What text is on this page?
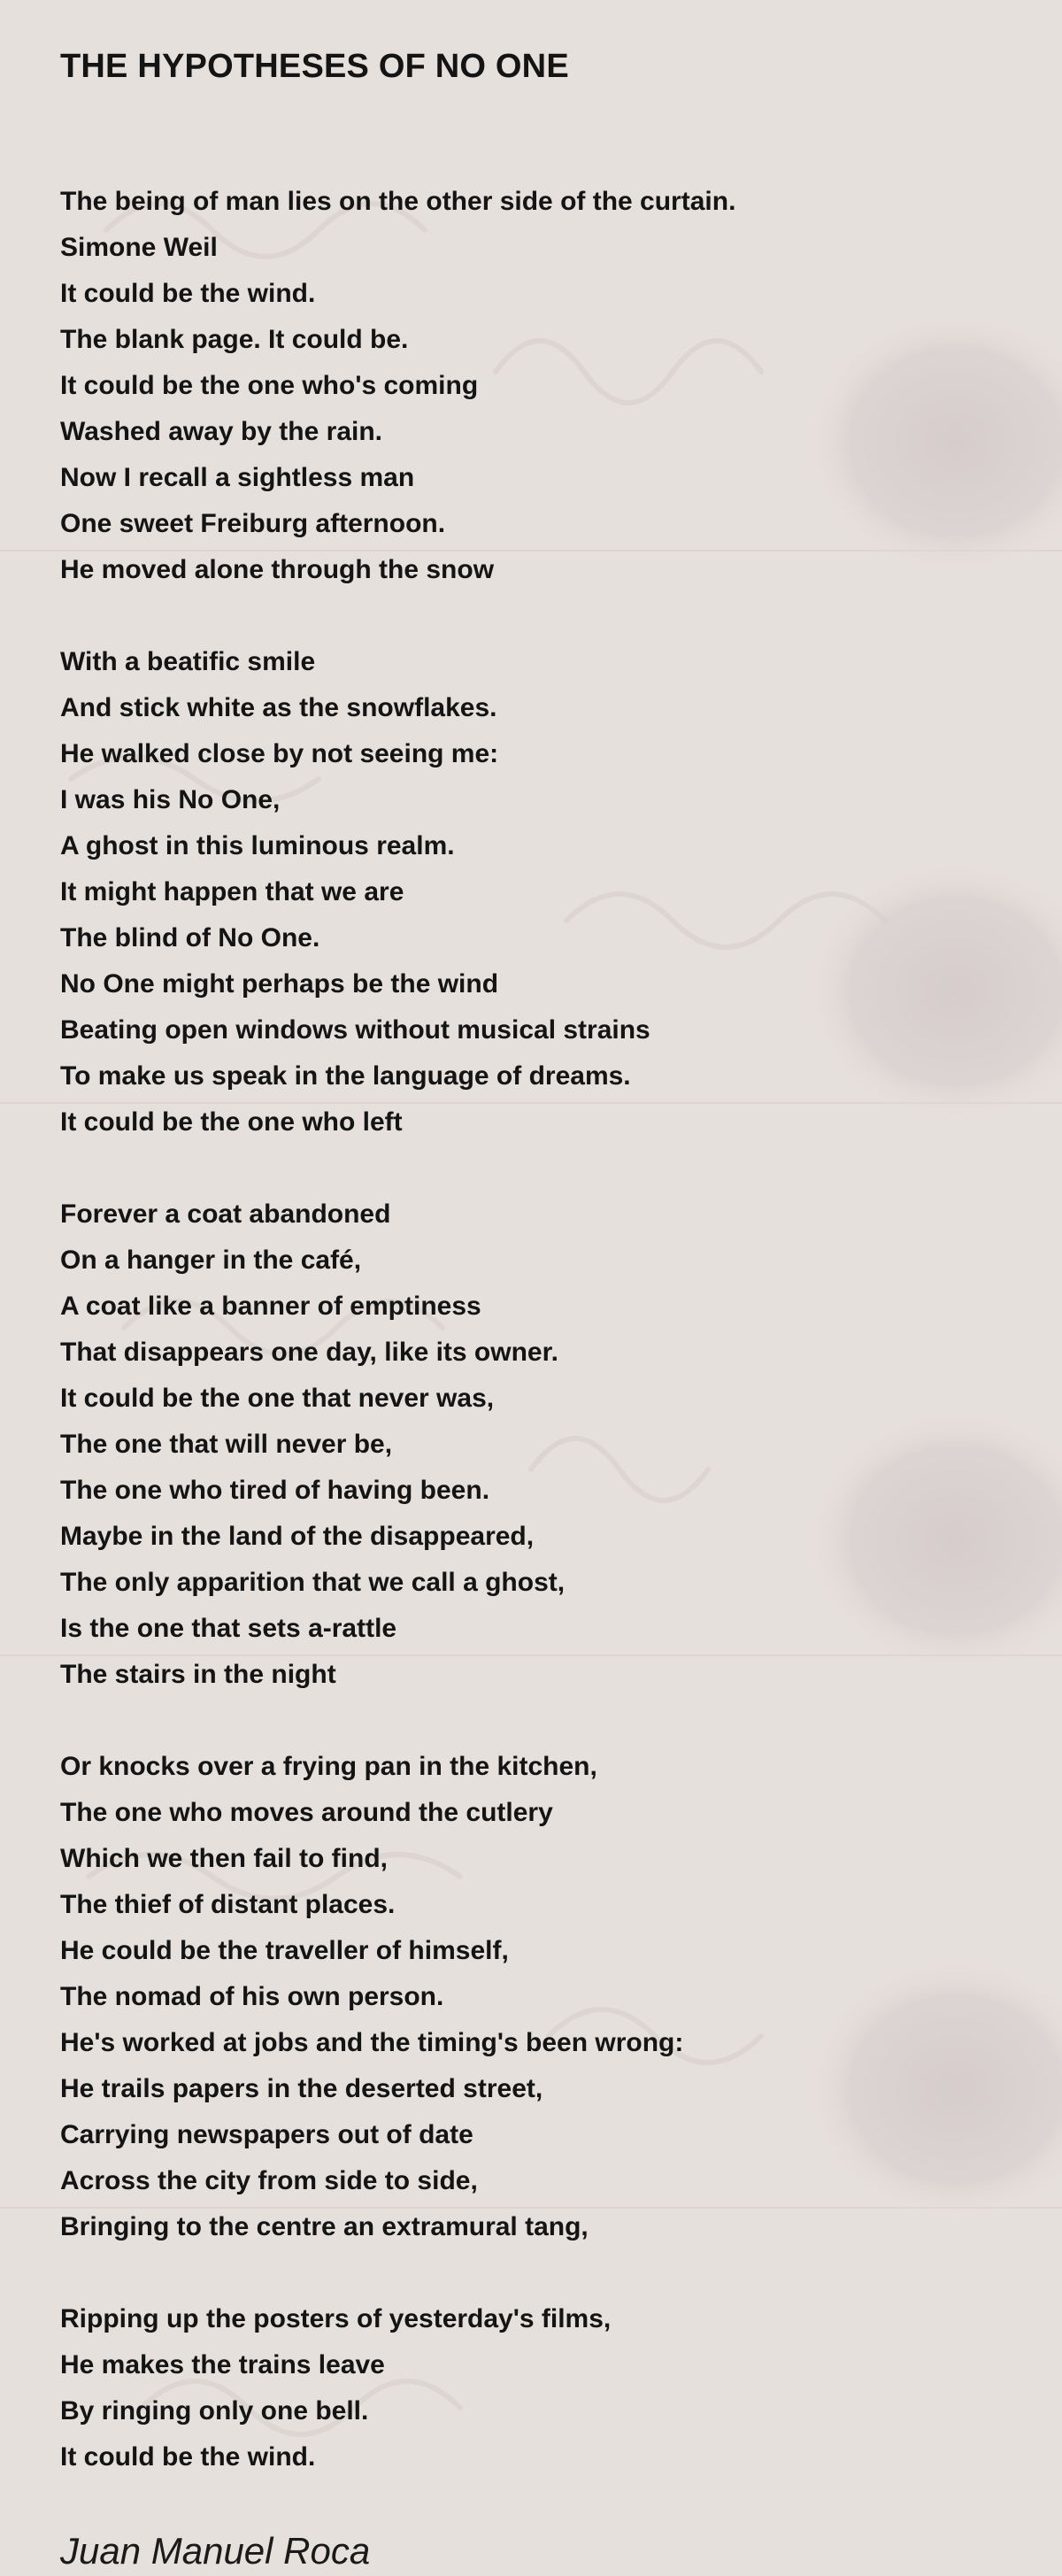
THE HYPOTHESES OF NO ONE
The being of man lies on the other side of the curtain.
Simone Weil
It could be the wind.
The blank page. It could be.
It could be the one who's coming
Washed away by the rain.
Now I recall a sightless man
One sweet Freiburg afternoon.
He moved alone through the snow
With a beatific smile
And stick white as the snowflakes.
He walked close by not seeing me:
I was his No One,
A ghost in this luminous realm.
It might happen that we are
The blind of No One.
No One might perhaps be the wind
Beating open windows without musical strains
To make us speak in the language of dreams.
It could be the one who left
Forever a coat abandoned
On a hanger in the café,
A coat like a banner of emptiness
That disappears one day, like its owner.
It could be the one that never was,
The one that will never be,
The one who tired of having been.
Maybe in the land of the disappeared,
The only apparition that we call a ghost,
Is the one that sets a-rattle
The stairs in the night
Or knocks over a frying pan in the kitchen,
The one who moves around the cutlery
Which we then fail to find,
The thief of distant places.
He could be the traveller of himself,
The nomad of his own person.
He's worked at jobs and the timing's been wrong:
He trails papers in the deserted street,
Carrying newspapers out of date
Across the city from side to side,
Bringing to the centre an extramural tang,
Ripping up the posters of yesterday's films,
He makes the trains leave
By ringing only one bell.
It could be the wind.
Juan Manuel Roca
